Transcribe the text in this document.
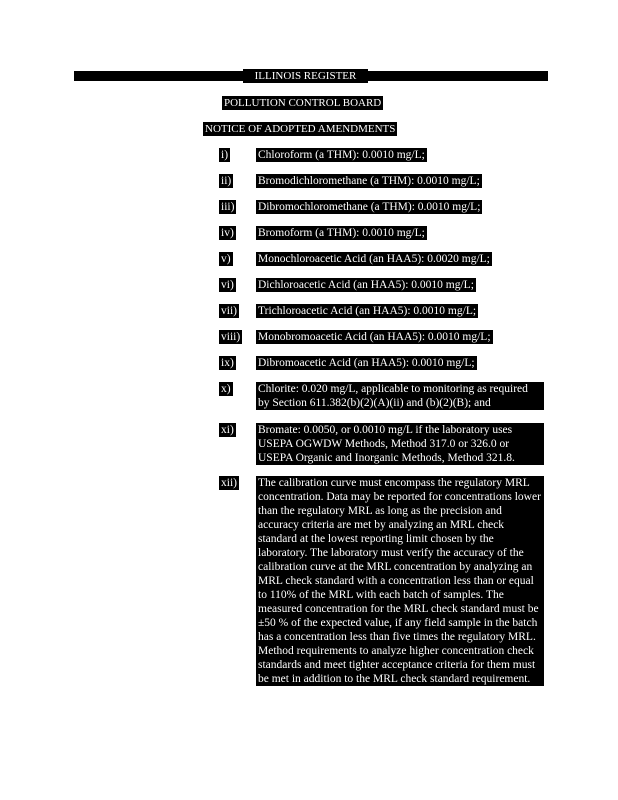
ILLINOIS REGISTER
POLLUTION CONTROL BOARD
NOTICE OF ADOPTED AMENDMENTS
i)	Chloroform (a THM): 0.0010 mg/L;
ii) Bromodichloromethane (a THM): 0.0010 mg/L;
iii) Dibromochloromethane (a THM): 0.0010 mg/L;
iv) Bromoform (a THM): 0.0010 mg/L;
v) Monochloroacetic Acid (an HAA5): 0.0020 mg/L;
vi) Dichloroacetic Acid (an HAA5): 0.0010 mg/L;
vii) Trichloroacetic Acid (an HAA5): 0.0010 mg/L;
viii) Monobromoacetic Acid (an HAA5): 0.0010 mg/L;
ix) Dibromoacetic Acid (an HAA5): 0.0010 mg/L;
x) Chlorite: 0.020 mg/L, applicable to monitoring as required by Section 611.382(b)(2)(A)(ii) and (b)(2)(B); and
xi) Bromate: 0.0050, or 0.0010 mg/L if the laboratory uses USEPA OGWDW Methods, Method 317.0 or 326.0 or USEPA Organic and Inorganic Methods, Method 321.8.
xii) The calibration curve must encompass the regulatory MRL concentration. Data may be reported for concentrations lower than the regulatory MRL as long as the precision and accuracy criteria are met by analyzing an MRL check standard at the lowest reporting limit chosen by the laboratory. The laboratory must verify the accuracy of the calibration curve at the MRL concentration by analyzing an MRL check standard with a concentration less than or equal to 110% of the MRL with each batch of samples. The measured concentration for the MRL check standard must be ±50 % of the expected value, if any field sample in the batch has a concentration less than five times the regulatory MRL. Method requirements to analyze higher concentration check standards and meet tighter acceptance criteria for them must be met in addition to the MRL check standard requirement.
